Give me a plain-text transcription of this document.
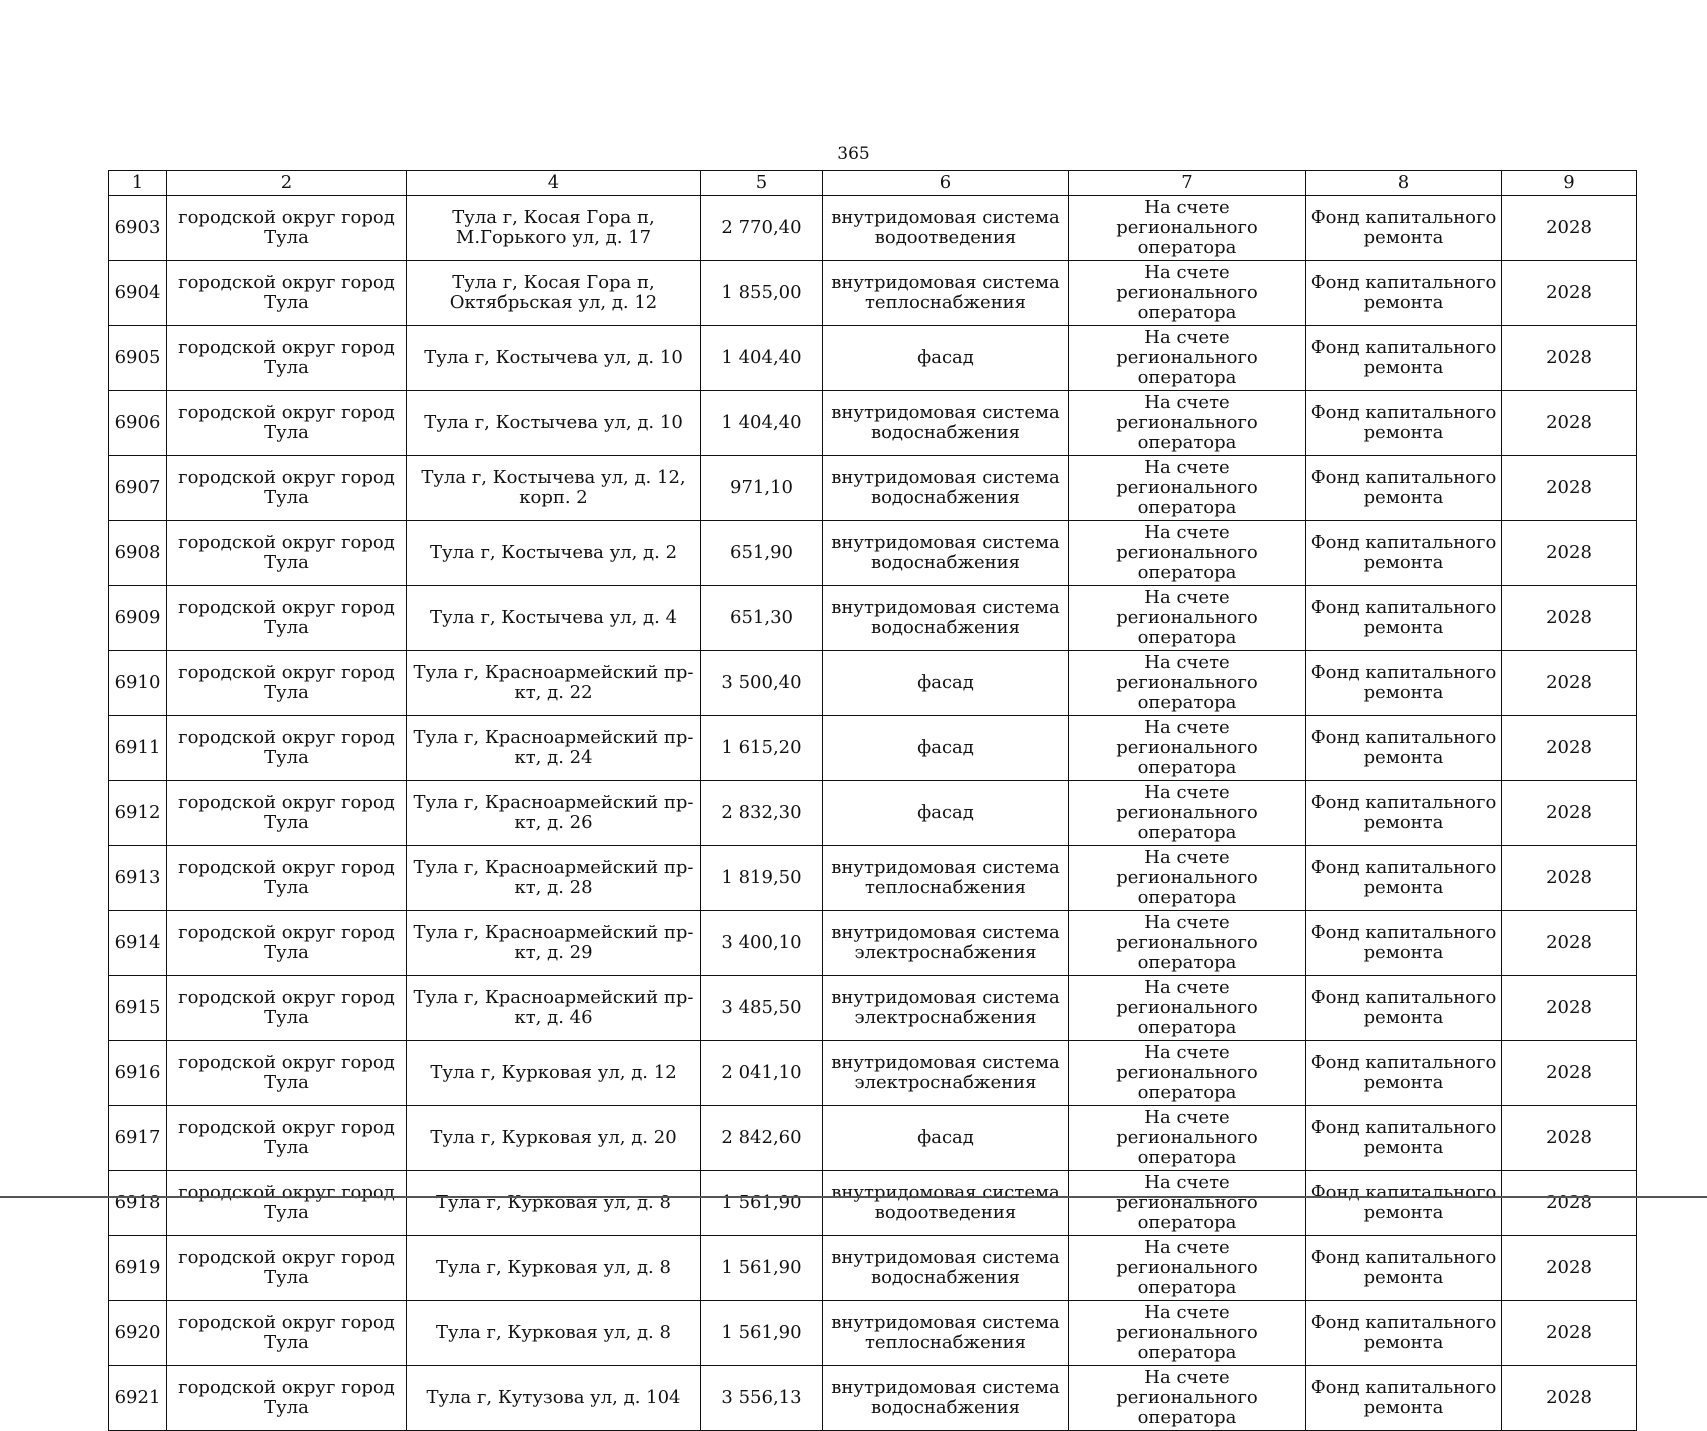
365
1	2	4	5	6	7	8	9
6903	городской округ город Тула	Тула г, Косая Гора п, М.Горького ул, д. 17	2 770,40	внутридомовая система водоотведения	На счете регионального оператора	Фонд капитального ремонта	2028
6904	городской округ город Тула	Тула г, Косая Гора п, Октябрьская ул, д. 12	1 855,00	внутридомовая система теплоснабжения	На счете регионального оператора	Фонд капитального ремонта	2028
6905	городской округ город Тула	Тула г, Костычева ул, д. 10	1 404,40	фасад	На счете регионального оператора	Фонд капитального ремонта	2028
6906	городской округ город Тула	Тула г, Костычева ул, д. 10	1 404,40	внутридомовая система водоснабжения	На счете регионального оператора	Фонд капитального ремонта	2028
6907	городской округ город Тула	Тула г, Костычева ул, д. 12, корп. 2	971,10	внутридомовая система водоснабжения	На счете регионального оператора	Фонд капитального ремонта	2028
6908	городской округ город Тула	Тула г, Костычева ул, д. 2	651,90	внутридомовая система водоснабжения	На счете регионального оператора	Фонд капитального ремонта	2028
6909	городской округ город Тула	Тула г, Костычева ул, д. 4	651,30	внутридомовая система водоснабжения	На счете регионального оператора	Фонд капитального ремонта	2028
6910	городской округ город Тула	Тула г, Красноармейский пр-кт, д. 22	3 500,40	фасад	На счете регионального оператора	Фонд капитального ремонта	2028
6911	городской округ город Тула	Тула г, Красноармейский пр-кт, д. 24	1 615,20	фасад	На счете регионального оператора	Фонд капитального ремонта	2028
6912	городской округ город Тула	Тула г, Красноармейский пр-кт, д. 26	2 832,30	фасад	На счете регионального оператора	Фонд капитального ремонта	2028
6913	городской округ город Тула	Тула г, Красноармейский пр-кт, д. 28	1 819,50	внутридомовая система теплоснабжения	На счете регионального оператора	Фонд капитального ремонта	2028
6914	городской округ город Тула	Тула г, Красноармейский пр-кт, д. 29	3 400,10	внутридомовая система электроснабжения	На счете регионального оператора	Фонд капитального ремонта	2028
6915	городской округ город Тула	Тула г, Красноармейский пр-кт, д. 46	3 485,50	внутридомовая система электроснабжения	На счете регионального оператора	Фонд капитального ремонта	2028
6916	городской округ город Тула	Тула г, Курковая ул, д. 12	2 041,10	внутридомовая система электроснабжения	На счете регионального оператора	Фонд капитального ремонта	2028
6917	городской округ город Тула	Тула г, Курковая ул, д. 20	2 842,60	фасад	На счете регионального оператора	Фонд капитального ремонта	2028
6918	городской округ город Тула	Тула г, Курковая ул, д. 8	1 561,90	внутридомовая система водоотведения	На счете регионального оператора	Фонд капитального ремонта	2028
6919	городской округ город Тула	Тула г, Курковая ул, д. 8	1 561,90	внутридомовая система водоснабжения	На счете регионального оператора	Фонд капитального ремонта	2028
6920	городской округ город Тула	Тула г, Курковая ул, д. 8	1 561,90	внутридомовая система теплоснабжения	На счете регионального оператора	Фонд капитального ремонта	2028
6921	городской округ город Тула	Тула г, Кутузова ул, д. 104	3 556,13	внутридомовая система водоснабжения	На счете регионального оператора	Фонд капитального ремонта	2028
